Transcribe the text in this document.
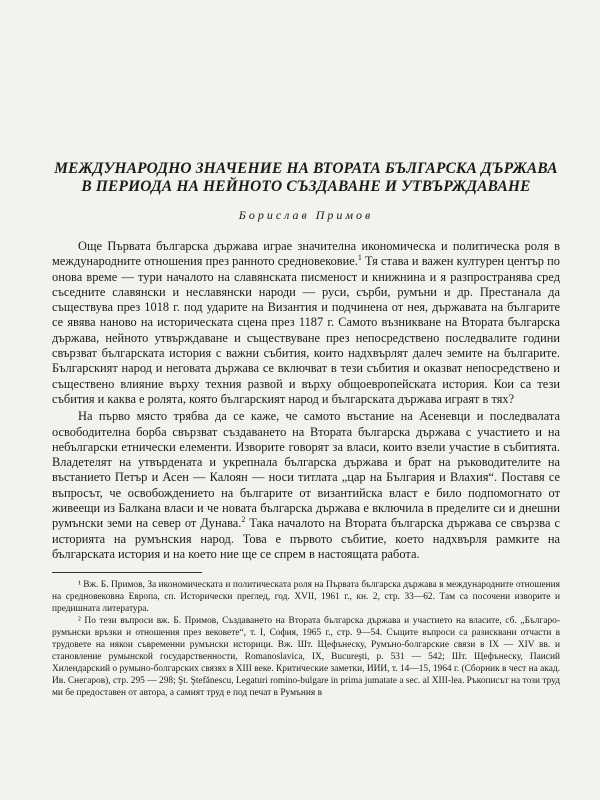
МЕЖДУНАРОДНО ЗНАЧЕНИЕ НА ВТОРАТА БЪЛГАРСКА ДЪРЖАВА
В ПЕРИОДА НА НЕЙНОТО СЪЗДАВАНЕ И УТВЪРЖДАВАНЕ
Борислав Примов

Още Първата българска държава играе значителна икономическа и политическа роля в международните отношения през ранното средновековие.$^1$ Тя става и важен културен център по онова време — тури началото на славянската писменост и книжнина и я разпространява сред съседните славянски и неславянски народи — руси, сърби, румъни и др. Престанала да съществува през 1018 г. под ударите на Византия и подчинена от нея, държавата на българите се явява наново на историческата сцена през 1187 г. Самото възникване на Втората българска държава, нейното утвърждаване и съществуване през непосредствено последвалите години свързват българската история с важни събития, които надхвърлят далеч земите на българите. Българският народ и неговата държава се включват в тези събития и оказват непосредствено и съществено влияние върху техния развой и върху общоевропейската история. Кои са тези събития и каква е ролята, която българският народ и българската държава играят в тях?

На първо място трябва да се каже, че самото въстание на Асеневци и последвалата освободителна борба свързват създаването на Втората българска държава с участието и на небългарски етнически елементи. Изворите говорят за власи, които взели участие в събитията. Владетелят на утвърдената и укрепнала българска държава и брат на ръководителите на въстанието Петър и Асен — Калоян — носи титлата „цар на България и Влахия“. Поставя се въпросът, че освобождението на българите от византийска власт е било подпомогнато от живеещи из Балкана власи и че новата българска държава е включила в пределите си и днешни румънски земи на север от Дунава.$^2$ Така началото на Втората българска държава се свързва с историята на румънския народ. Това е първото събитие, което надхвърля рамките на българската история и на което ние ще се спрем в настоящата работа.

¹ Вж. Б. Примов, За икономическата и политическата роля на Първата българска държава в международните отношения на средновековна Европа, сп. Исторически преглед, год. XVII, 1961 г., кн. 2, стр. 33—62. Там са посочени изворите и предишната литература.

² По тези въпроси вж. Б. Примов, Създаването на Втората българска държава и участието на власите, сб. „Българо-румънски връзки и отношения през вековете“, т. I, София, 1965 г., стр. 9—54. Същите въпроси са разисквани отчасти в трудовете на някои съвременни румънски историци. Вж. Шт. Щефънеску, Румъно-болгарские связи в IX — XIV вв. и становление румынской государственности, Romanoslavica, IX, Bucureşti, р. 531 — 542; Шт. Щефънеску, Паисий Хилендарский о румыно-болгарских связях в XIII веке. Критические заметки, ИИИ, т. 14—15, 1964 г. (Сборник в чест на акад. Ив. Снегаров), стр. 295 — 298; Şt. Ştefănescu, Legaturi romino-bulgare in prima jumatate a sec. al XIII-lea. Ръкописът на този труд ми бе предоставен от автора, а самият труд е под печат в Румъния в
